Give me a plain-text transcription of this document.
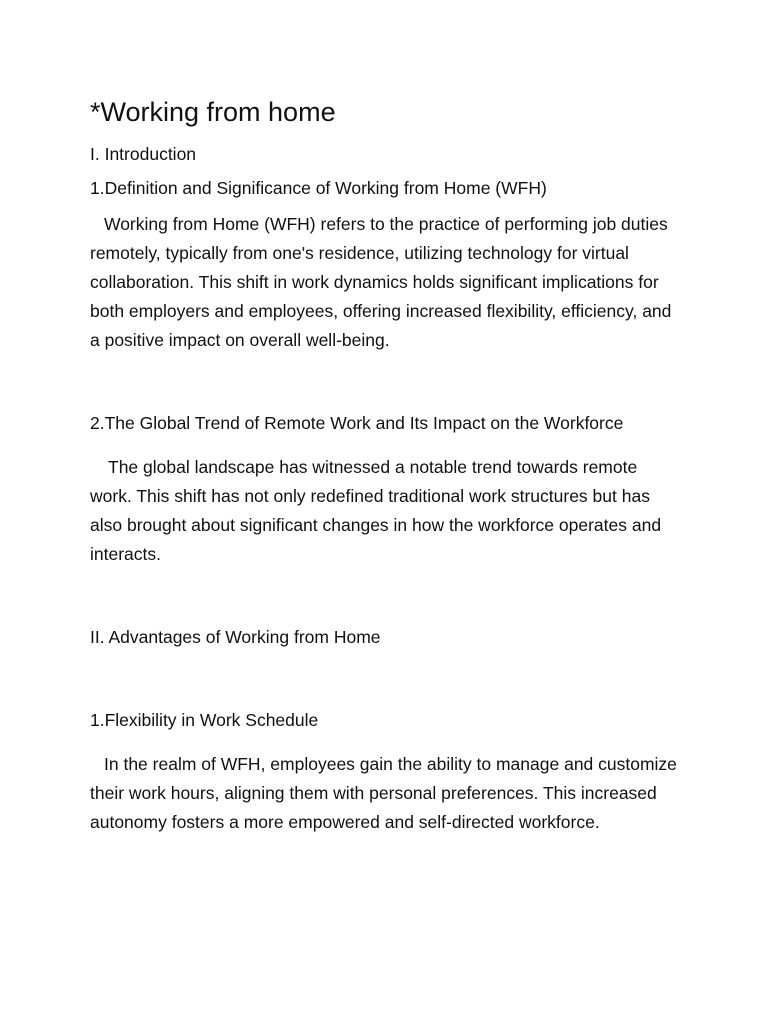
*Working from home

I. Introduction

1.Definition and Significance of Working from Home (WFH)

Working from Home (WFH) refers to the practice of performing job duties remotely, typically from one's residence, utilizing technology for virtual collaboration. This shift in work dynamics holds significant implications for both employers and employees, offering increased flexibility, efficiency, and a positive impact on overall well-being.

2.The Global Trend of Remote Work and Its Impact on the Workforce

The global landscape has witnessed a notable trend towards remote work. This shift has not only redefined traditional work structures but has also brought about significant changes in how the workforce operates and interacts.

II. Advantages of Working from Home

1.Flexibility in Work Schedule

In the realm of WFH, employees gain the ability to manage and customize their work hours, aligning them with personal preferences. This increased autonomy fosters a more empowered and self-directed workforce.
